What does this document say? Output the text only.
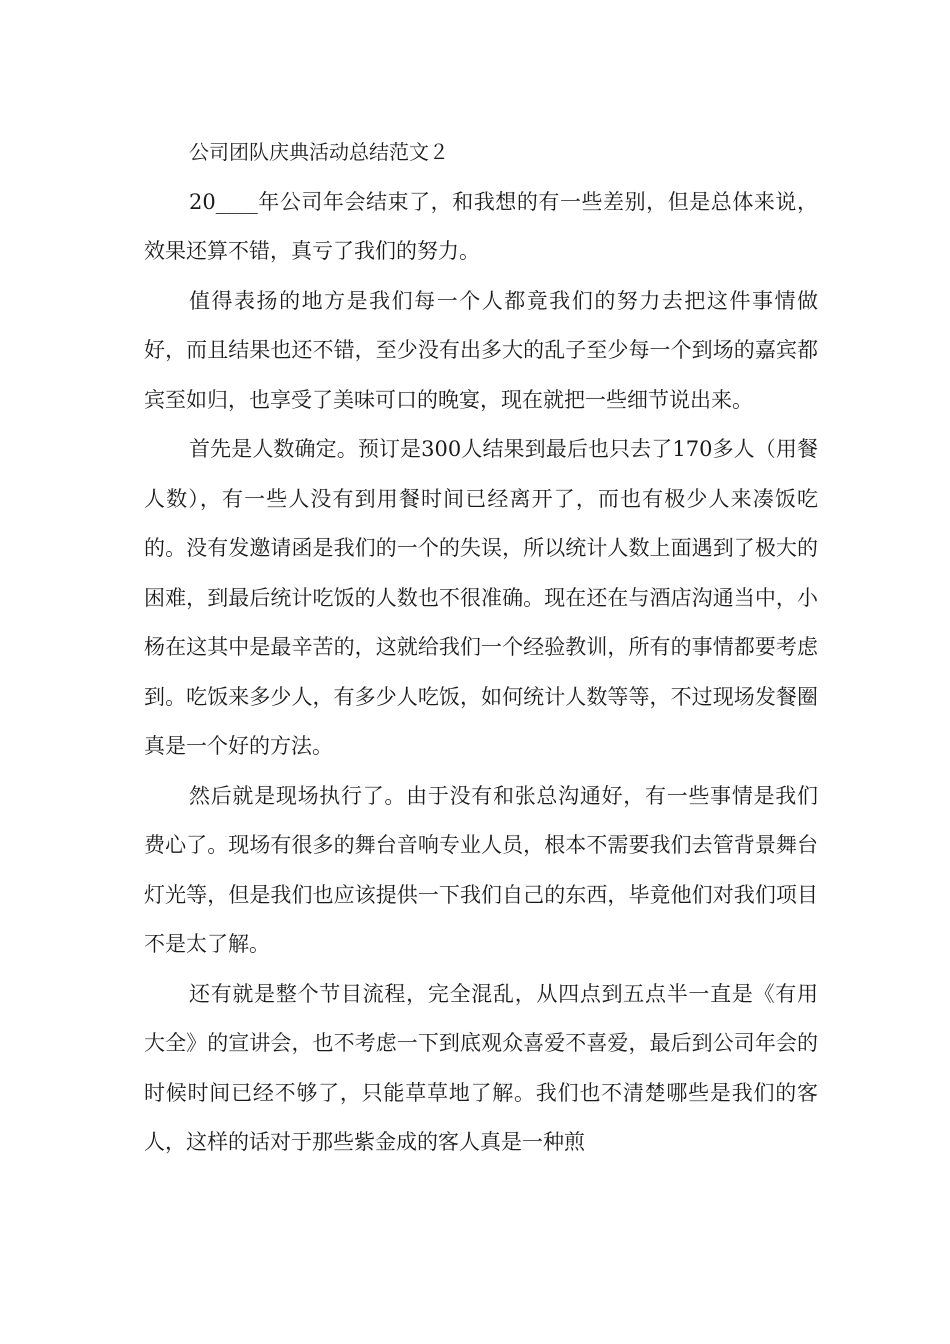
公司团队庆典活动总结范文２

20____年公司年会结束了，和我想的有一些差别，但是总体来说，效果还算不错，真亏了我们的努力。

值得表扬的地方是我们每一个人都竟我们的努力去把这件事情做好，而且结果也还不错，至少没有出多大的乱子至少每一个到场的嘉宾都宾至如归，也享受了美味可口的晚宴，现在就把一些细节说出来。

首先是人数确定。预订是300人结果到最后也只去了170多人（用餐人数），有一些人没有到用餐时间已经离开了，而也有极少人来凑饭吃的。没有发邀请函是我们的一个的失误，所以统计人数上面遇到了极大的困难，到最后统计吃饭的人数也不很准确。现在还在与酒店沟通当中，小杨在这其中是最辛苦的，这就给我们一个经验教训，所有的事情都要考虑到。吃饭来多少人，有多少人吃饭，如何统计人数等等，不过现场发餐圈真是一个好的方法。

然后就是现场执行了。由于没有和张总沟通好，有一些事情是我们费心了。现场有很多的舞台音响专业人员，根本不需要我们去管背景舞台灯光等，但是我们也应该提供一下我们自己的东西，毕竟他们对我们项目不是太了解。

还有就是整个节目流程，完全混乱，从四点到五点半一直是《有用大全》的宣讲会，也不考虑一下到底观众喜爱不喜爱，最后到公司年会的时候时间已经不够了，只能草草地了解。我们也不清楚哪些是我们的客人，这样的话对于那些紫金成的客人真是一种煎
